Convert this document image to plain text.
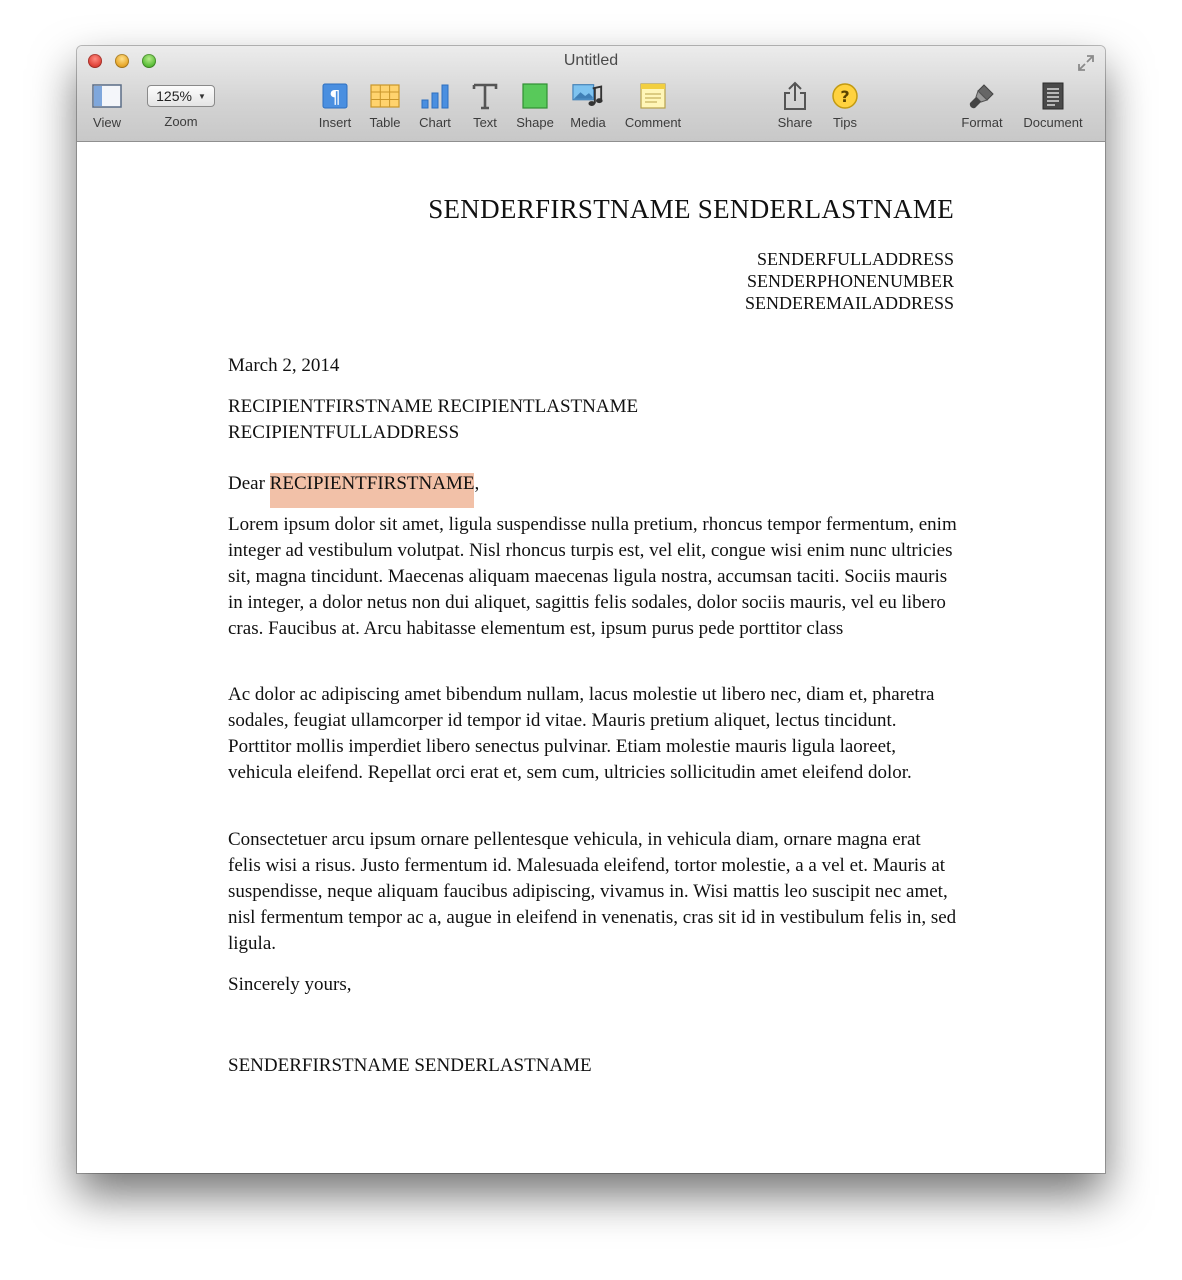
Untitled
View
125% ▼
Zoom
¶
Insert Table Chart Text Shape Media Comment	Share
?
Tips	Format Document
SENDERFIRSTNAME SENDERLASTNAME
SENDERFULLADDRESS
SENDERPHONENUMBER
SENDEREMAILADDRESS
March 2, 2014
RECIPIENTFIRSTNAME RECIPIENTLASTNAME
RECIPIENTFULLADDRESS
Dear RECIPIENTFIRSTNAME,
Lorem ipsum dolor sit amet, ligula suspendisse nulla pretium, rhoncus tempor fermentum, enim integer ad vestibulum volutpat. Nisl rhoncus turpis est, vel elit, congue wisi enim nunc ultricies sit, magna tincidunt. Maecenas aliquam maecenas ligula nostra, accumsan taciti. Sociis mauris in integer, a dolor netus non dui aliquet, sagittis felis sodales, dolor sociis mauris, vel eu libero cras. Faucibus at. Arcu habitasse elementum est, ipsum purus pede porttitor class
Ac dolor ac adipiscing amet bibendum nullam, lacus molestie ut libero nec, diam et, pharetra sodales, feugiat ullamcorper id tempor id vitae. Mauris pretium aliquet, lectus tincidunt. Porttitor mollis imperdiet libero senectus pulvinar. Etiam molestie mauris ligula laoreet, vehicula eleifend. Repellat orci erat et, sem cum, ultricies sollicitudin amet eleifend dolor.
Consectetuer arcu ipsum ornare pellentesque vehicula, in vehicula diam, ornare magna erat felis wisi a risus. Justo fermentum id. Malesuada eleifend, tortor molestie, a a vel et. Mauris at suspendisse, neque aliquam faucibus adipiscing, vivamus in. Wisi mattis leo suscipit nec amet, nisl fermentum tempor ac a, augue in eleifend in venenatis, cras sit id in vestibulum felis in, sed ligula.
Sincerely yours,
SENDERFIRSTNAME SENDERLASTNAME
